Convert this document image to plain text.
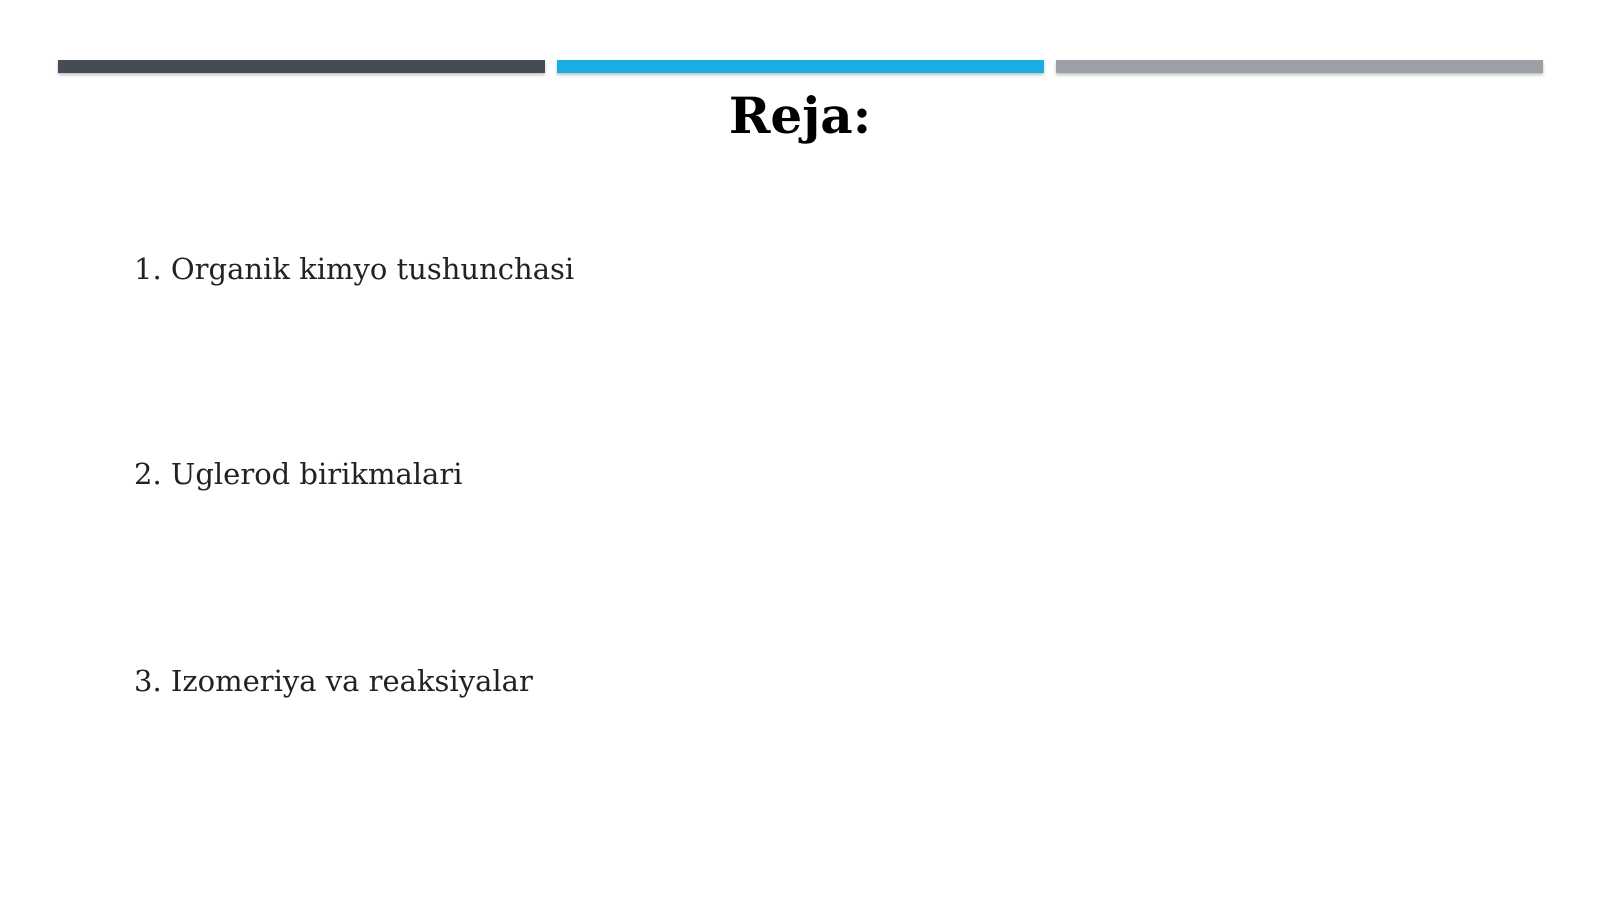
Reja:
1. Organik kimyo tushunchasi
2. Uglerod birikmalari
3. Izomeriya va reaksiyalar
